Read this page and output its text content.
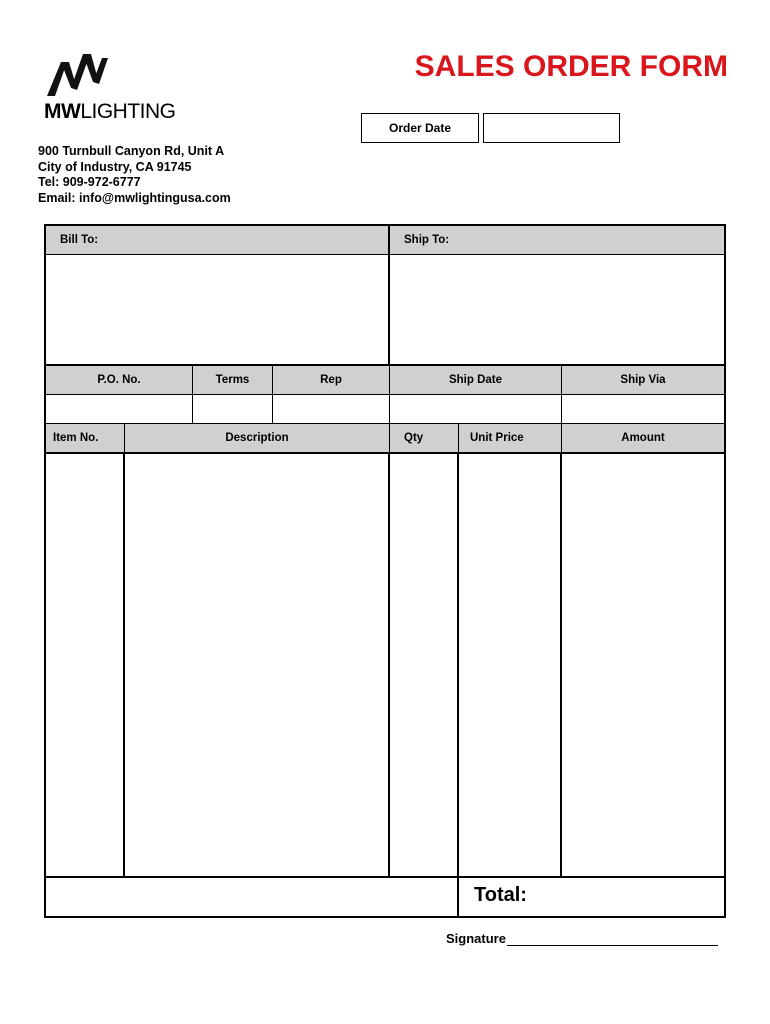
MWLIGHTING
SALES ORDER FORM
Order Date
900 Turnbull Canyon Rd, Unit A
City of Industry, CA 91745
Tel: 909-972-6777
Email: info@mwlightingusa.com
Bill To:	Ship To:
P.O. No.	Terms	Rep	Ship Date	Ship Via
Item No.	Description	Qty	Unit Price	Amount
Total:
Signature
